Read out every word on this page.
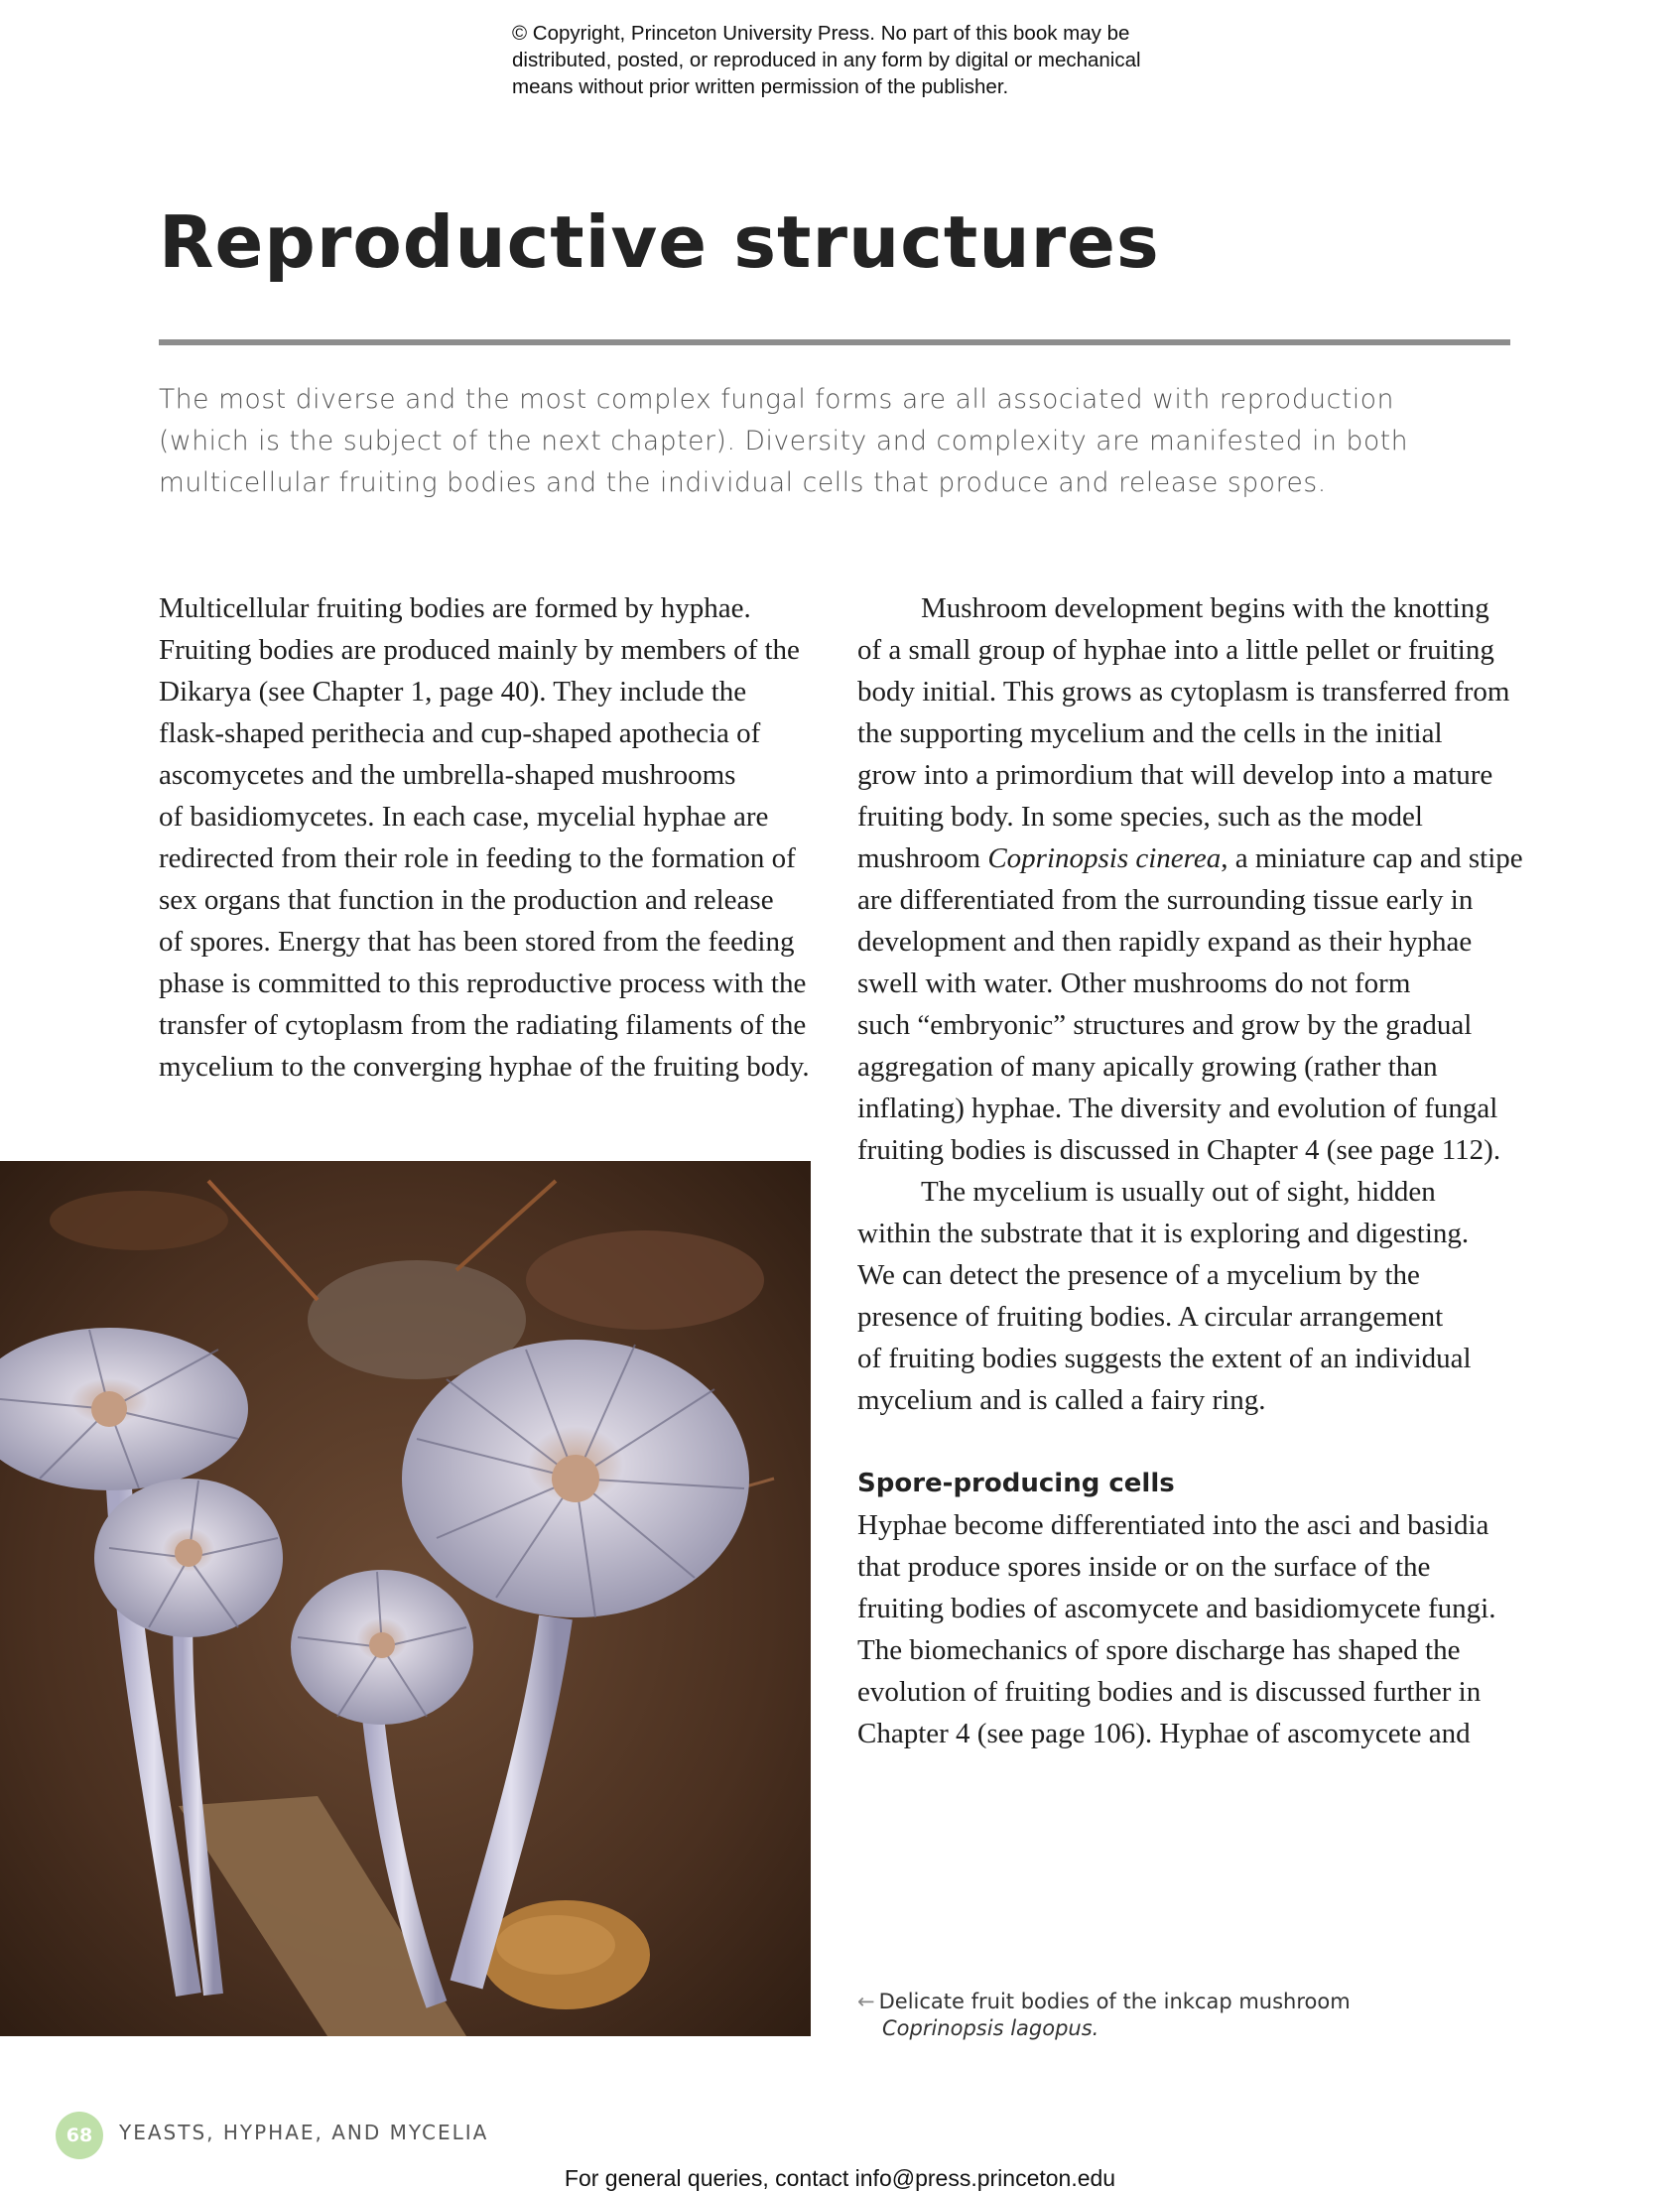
© Copyright, Princeton University Press. No part of this book may be
distributed, posted, or reproduced in any form by digital or mechanical
means without prior written permission of the publisher.
Reproductive structures
The most diverse and the most complex fungal forms are all associated with reproduction
(which is the subject of the next chapter). Diversity and complexity are manifested in both
multicellular fruiting bodies and the individual cells that produce and release spores.
Multicellular fruiting bodies are formed by hyphae.
Fruiting bodies are produced mainly by members of the
Dikarya (see Chapter 1, page 40). They include the
flask-shaped perithecia and cup-shaped apothecia of
ascomycetes and the umbrella-shaped mushrooms
of basidiomycetes. In each case, mycelial hyphae are
redirected from their role in feeding to the formation of
sex organs that function in the production and release
of spores. Energy that has been stored from the feeding
phase is committed to this reproductive process with the
transfer of cytoplasm from the radiating filaments of the
mycelium to the converging hyphae of the fruiting body.
Mushroom development begins with the knotting
of a small group of hyphae into a little pellet or fruiting
body initial. This grows as cytoplasm is transferred from
the supporting mycelium and the cells in the initial
grow into a primordium that will develop into a mature
fruiting body. In some species, such as the model
mushroom Coprinopsis cinerea, a miniature cap and stipe
are differentiated from the surrounding tissue early in
development and then rapidly expand as their hyphae
swell with water. Other mushrooms do not form
such “embryonic” structures and grow by the gradual
aggregation of many apically growing (rather than
inflating) hyphae. The diversity and evolution of fungal
fruiting bodies is discussed in Chapter 4 (see page 112).
The mycelium is usually out of sight, hidden
within the substrate that it is exploring and digesting.
We can detect the presence of a mycelium by the
presence of fruiting bodies. A circular arrangement
of fruiting bodies suggests the extent of an individual
mycelium and is called a fairy ring.
Spore-producing cells
Hyphae become differentiated into the asci and basidia
that produce spores inside or on the surface of the
fruiting bodies of ascomycete and basidiomycete fungi.
The biomechanics of spore discharge has shaped the
evolution of fruiting bodies and is discussed further in
Chapter 4 (see page 106). Hyphae of ascomycete and
← Delicate fruit bodies of the inkcap mushroom
Coprinopsis lagopus.
68	YEASTS, HYPHAE, AND MYCELIA
For general queries, contact info@press.princeton.edu
